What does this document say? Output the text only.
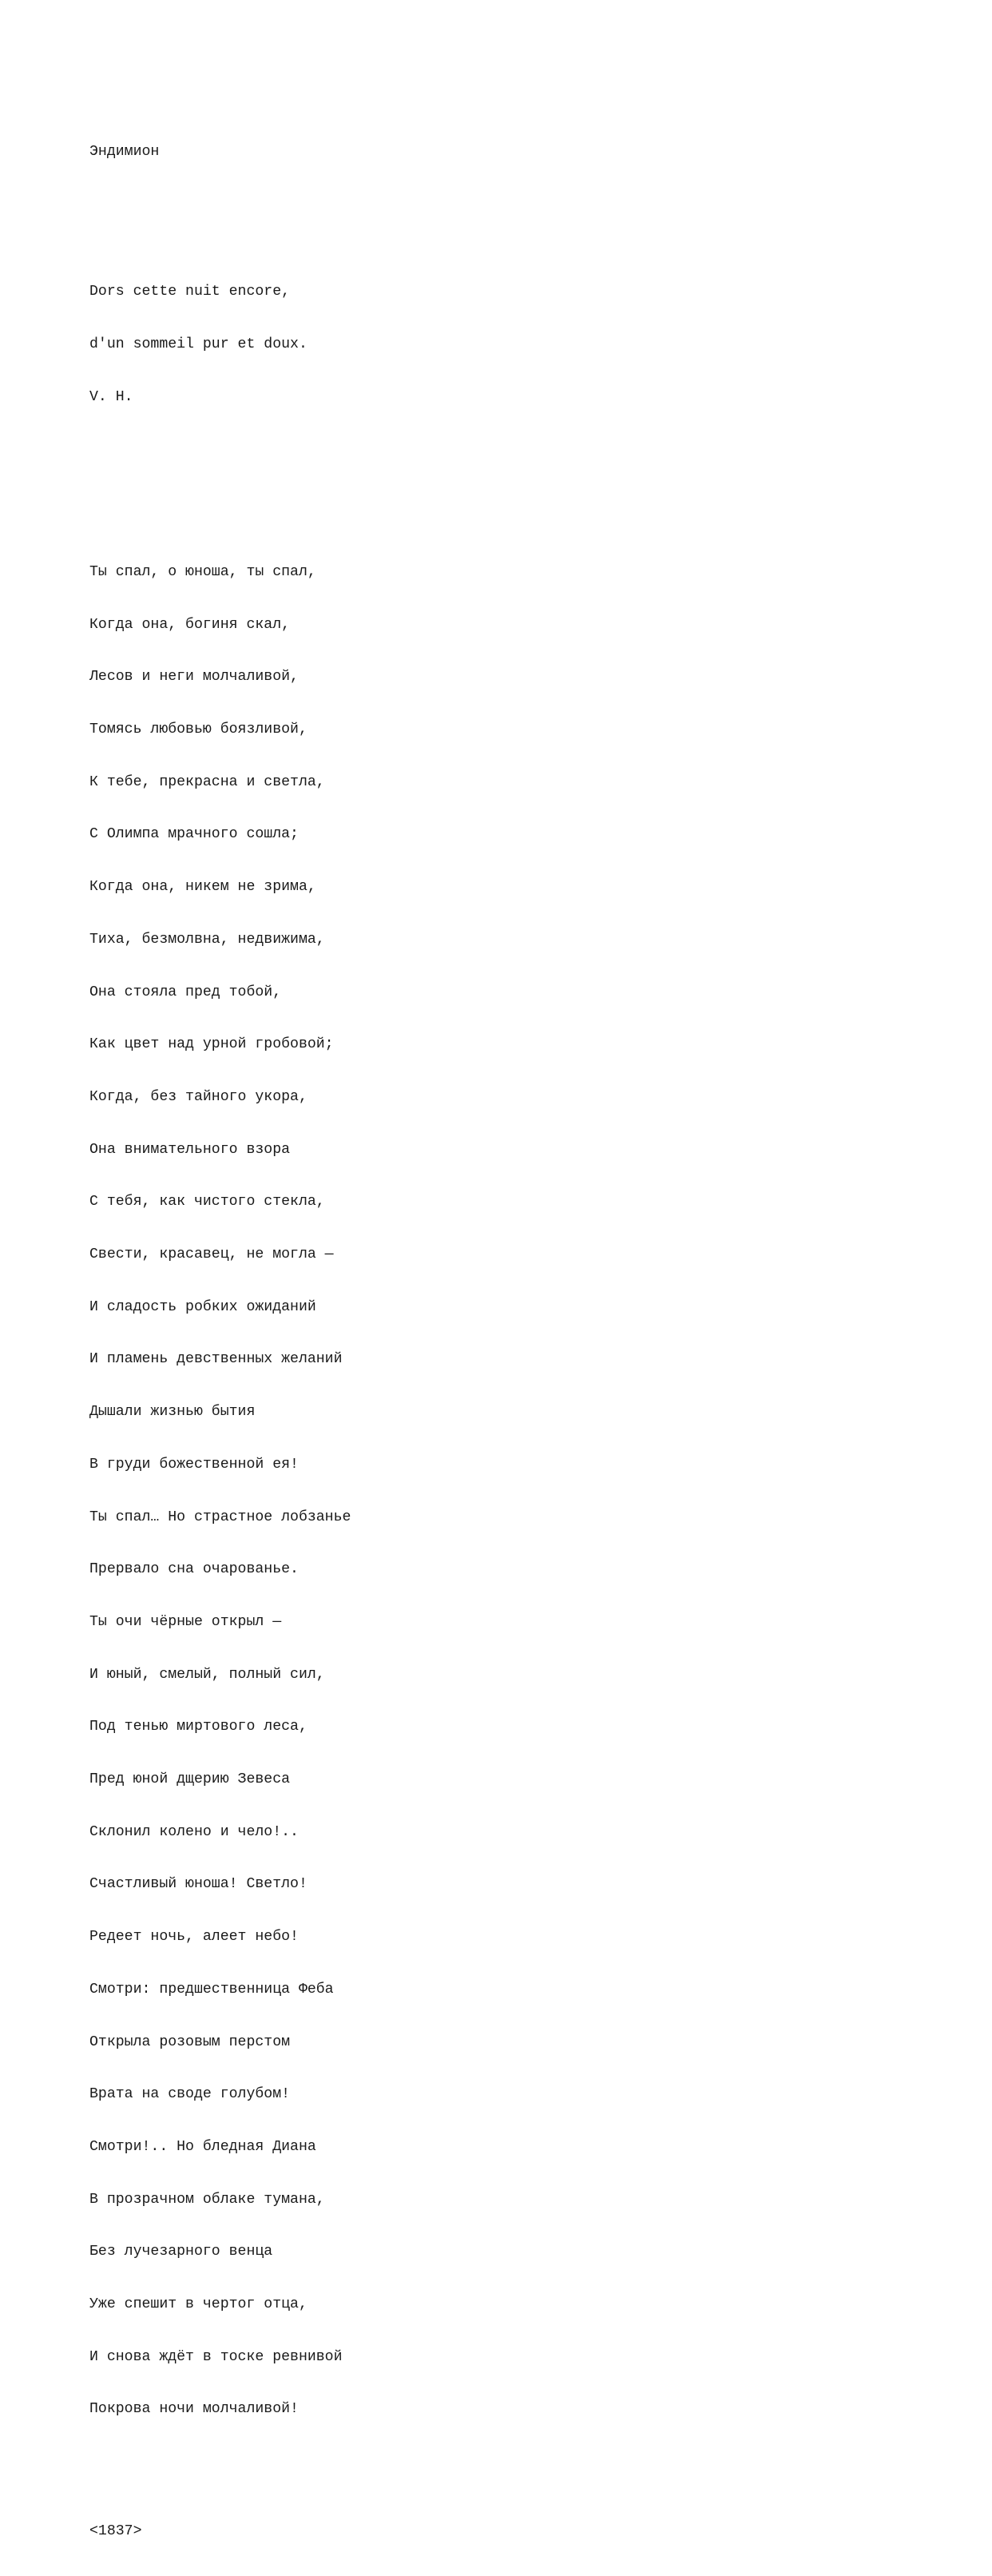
Эндимион

Dors cette nuit encore,

d'un sommeil pur et doux.

V. H.

Ты спал, о юноша, ты спал,

Когда она, богиня скал,

Лесов и неги молчаливой,

Томясь любовью боязливой,

К тебе, прекрасна и светла,

С Олимпа мрачного сошла;

Когда она, никем не зрима,

Тиха, безмолвна, недвижима,

Она стояла пред тобой,

Как цвет над урной гробовой;

Когда, без тайного укора,

Она внимательного взора

С тебя, как чистого стекла,

Свести, красавец, не могла —

И сладость робких ожиданий

И пламень девственных желаний

Дышали жизнью бытия

В груди божественной ея!

Ты спал… Но страстное лобзанье

Прервало сна очарованье.

Ты очи чёрные открыл —

И юный, смелый, полный сил,

Под тенью миртового леса,

Пред юной дщерию Зевеса

Склонил колено и чело!..

Счастливый юноша! Светло!

Редеет ночь, алеет небо!

Смотри: предшественница Феба

Открыла розовым перстом

Врата на своде голубом!

Смотри!.. Но бледная Диана

В прозрачном облаке тумана,

Без лучезарного венца

Уже спешит в чертог отца,

И снова ждёт в тоске ревнивой

Покрова ночи молчаливой!

<1837>
